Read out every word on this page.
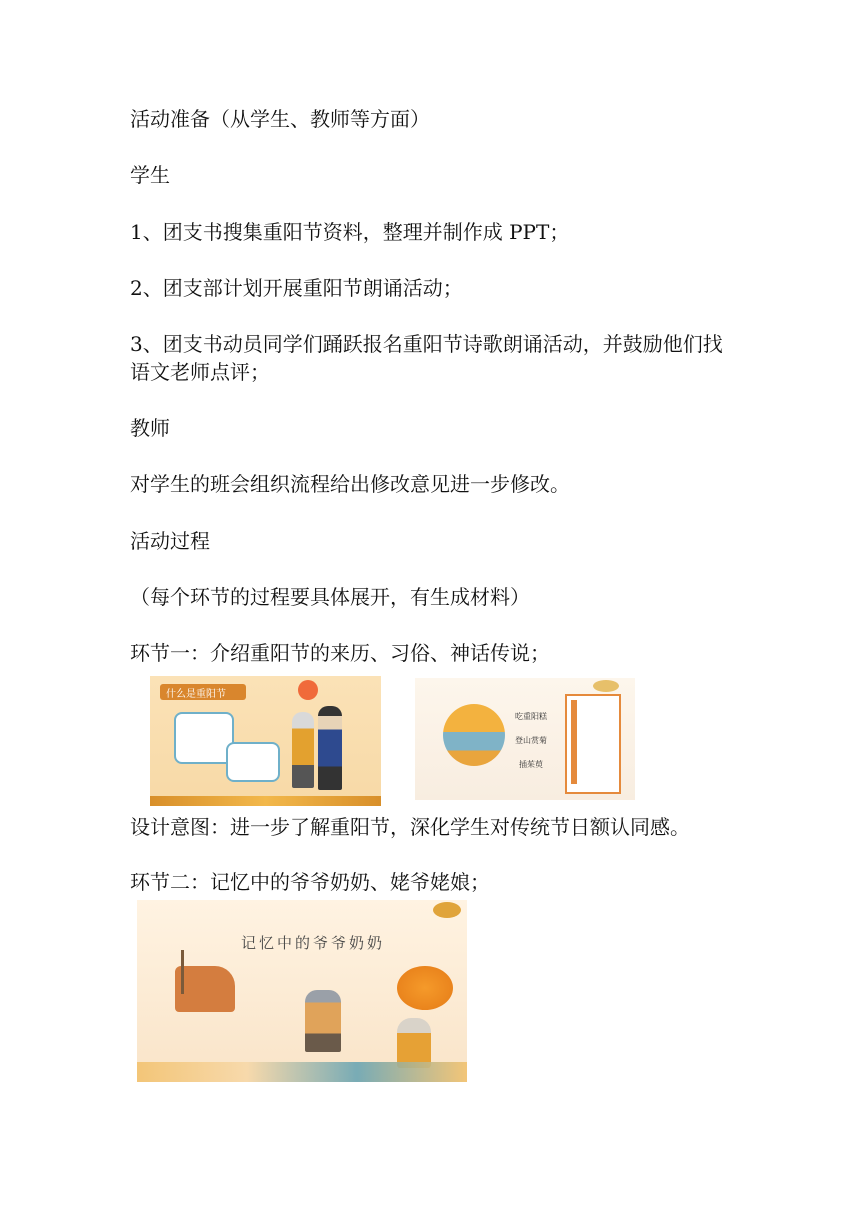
活动准备（从学生、教师等方面）
学生
1、团支书搜集重阳节资料，整理并制作成 PPT；
2、团支部计划开展重阳节朗诵活动；
3、团支书动员同学们踊跃报名重阳节诗歌朗诵活动，并鼓励他们找语文老师点评；
教师
对学生的班会组织流程给出修改意见进一步修改。
活动过程
（每个环节的过程要具体展开，有生成材料）
环节一：介绍重阳节的来历、习俗、神话传说；
什么是重阳节
吃重阳糕
登山赏菊
插茱萸
设计意图：进一步了解重阳节，深化学生对传统节日额认同感。
环节二：记忆中的爷爷奶奶、姥爷姥娘；
记忆中的爷爷奶奶
